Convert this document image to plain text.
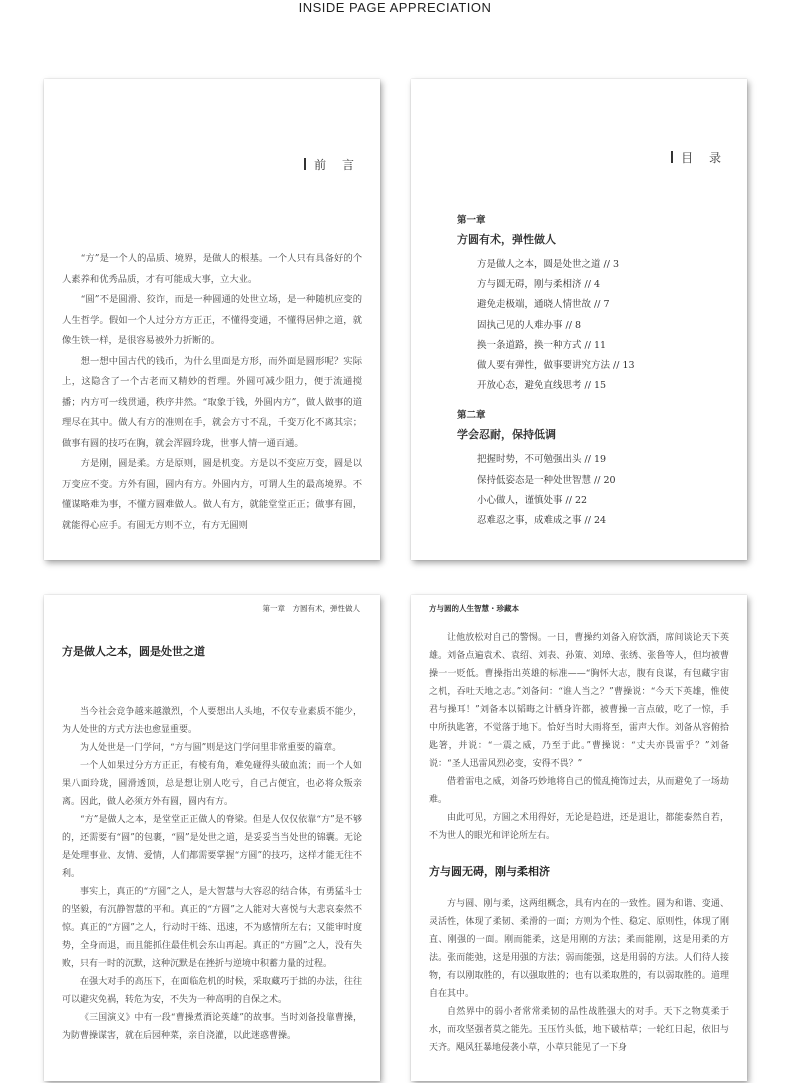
INSIDE PAGE APPRECIATION
前 言

“方”是一个人的品质、境界，是做人的根基。一个人只有具备好的个人素养和优秀品质，才有可能成大事，立大业。

“圆”不是圆滑、狡诈，而是一种圆通的处世立场，是一种随机应变的人生哲学。假如一个人过分方方正正，不懂得变通，不懂得居伸之道，就像生铁一样，是很容易被外力折断的。

想一想中国古代的钱币，为什么里面是方形，而外面是圆形呢？实际上，这隐含了一个古老而又精妙的哲理。外圆可减少阻力，便于流通搅播；内方可一线贯通，秩序井然。“取象于钱，外圆内方”，做人做事的道理尽在其中。做人有方的准则在手，就会方寸不乱，千变万化不离其宗；做事有圆的技巧在胸，就会浑圆玲珑，世事人情一通百通。

方是刚，圆是柔。方是原则，圆是机变。方是以不变应万变，圆是以万变应不变。方外有圆，圆内有方。外圆内方，可谓人生的最高境界。不懂谋略难为事，不懂方圆难做人。做人有方，就能堂堂正正；做事有圆，就能得心应手。有圆无方则不立，有方无圆则

目 录
第一章
方圆有术，弹性做人
方是做人之本，圆是处世之道 // 3
方与圆无碍，刚与柔相济 // 4
避免走极端，通晓人情世故 // 7
固执己见的人难办事 // 8
换一条道路，换一种方式 // 11
做人要有弹性，做事要讲究方法 // 13
开放心态，避免直线思考 // 15
第二章
学会忍耐，保持低调
把握时势，不可勉强出头 // 19
保持低姿态是一种处世智慧 // 20
小心做人，谨慎处事 // 22
忍难忍之事，成难成之事 // 24
第一章　方圆有术，弹性做人
方是做人之本，圆是处世之道

当今社会竞争越来越激烈，个人要想出人头地，不仅专业素质不能少，为人处世的方式方法也愈显重要。

为人处世是一门学问，“方与圆”则是这门学问里非常重要的篇章。

一个人如果过分方方正正，有棱有角，难免碰得头破血流；而一个人如果八面玲珑，圆滑透顶，总是想让别人吃亏，自己占便宜，也必将众叛亲离。因此，做人必须方外有圆，圆内有方。

“方”是做人之本，是堂堂正正做人的脊梁。但是人仅仅依靠“方”是不够的，还需要有“圆”的包裹，“圆”是处世之道，是妥妥当当处世的锦囊。无论是处理事业、友情、爱情，人们都需要掌握“方圆”的技巧，这样才能无往不利。

事实上，真正的“方圆”之人，是大智慧与大容忍的结合体，有勇猛斗士的坚毅，有沉静智慧的平和。真正的“方圆”之人能对大喜悦与大悲哀泰然不惊。真正的“方圆”之人，行动时干练、迅速，不为感情所左右；又能审时度势，全身而退，而且能抓住最佳机会东山再起。真正的“方圆”之人，没有失败，只有一时的沉默，这种沉默是在挫折与逆境中积蓄力量的过程。

在强大对手的高压下，在面临危机的时候，采取藏巧于拙的办法，往往可以避灾免祸，转危为安，不失为一种高明的自保之术。

《三国演义》中有一段“曹操煮酒论英雄”的故事。当时刘备投靠曹操，为防曹操谋害，就在后园种菜，亲自浇灌，以此迷惑曹操。

方与圆的人生智慧・珍藏本

让他放松对自己的警惕。一日，曹操约刘备入府饮酒，席间谈论天下英雄。刘备点遍袁术、袁绍、刘表、孙策、刘璋、张绣、张鲁等人，但均被曹操一一贬低。曹操指出英雄的标准——“胸怀大志，腹有良谋，有包藏宇宙之机，吞吐天地之志。”刘备问：“谁人当之？”曹操说：“今天下英雄，惟使君与操耳！”刘备本以韬晦之计栖身许都，被曹操一言点破，吃了一惊，手中所执匙箸，不觉落于地下。恰好当时大雨将至，雷声大作。刘备从容俯拾匙箸，并说：“一震之威，乃至于此。”曹操说：“丈夫亦畏雷乎？”刘备说：“圣人迅雷风烈必变，安得不畏？”

借着雷电之威，刘备巧妙地将自己的慌乱掩饰过去，从而避免了一场劫难。

由此可见，方圆之术用得好，无论是趋进，还是退让，都能泰然自若，不为世人的眼光和评论所左右。

方与圆无碍，刚与柔相济

方与圆、刚与柔，这两组概念，具有内在的一致性。圆为和谐、变通、灵活性，体现了柔韧、柔滑的一面；方则为个性、稳定、原则性，体现了刚直、刚强的一面。刚而能柔，这是用刚的方法；柔而能刚，这是用柔的方法。张而能弛，这是用强的方法；弱而能强，这是用弱的方法。人们待人接物，有以刚取胜的，有以强取胜的；也有以柔取胜的，有以弱取胜的。道理自在其中。

自然界中的弱小者常常柔韧的品性战胜强大的对手。天下之物莫柔于水，而攻坚强者莫之能先。玉压竹头低，地下破枯草；一轮红日起，依旧与天齐。飓风狂暴地侵袭小草，小草只能见了一下身
